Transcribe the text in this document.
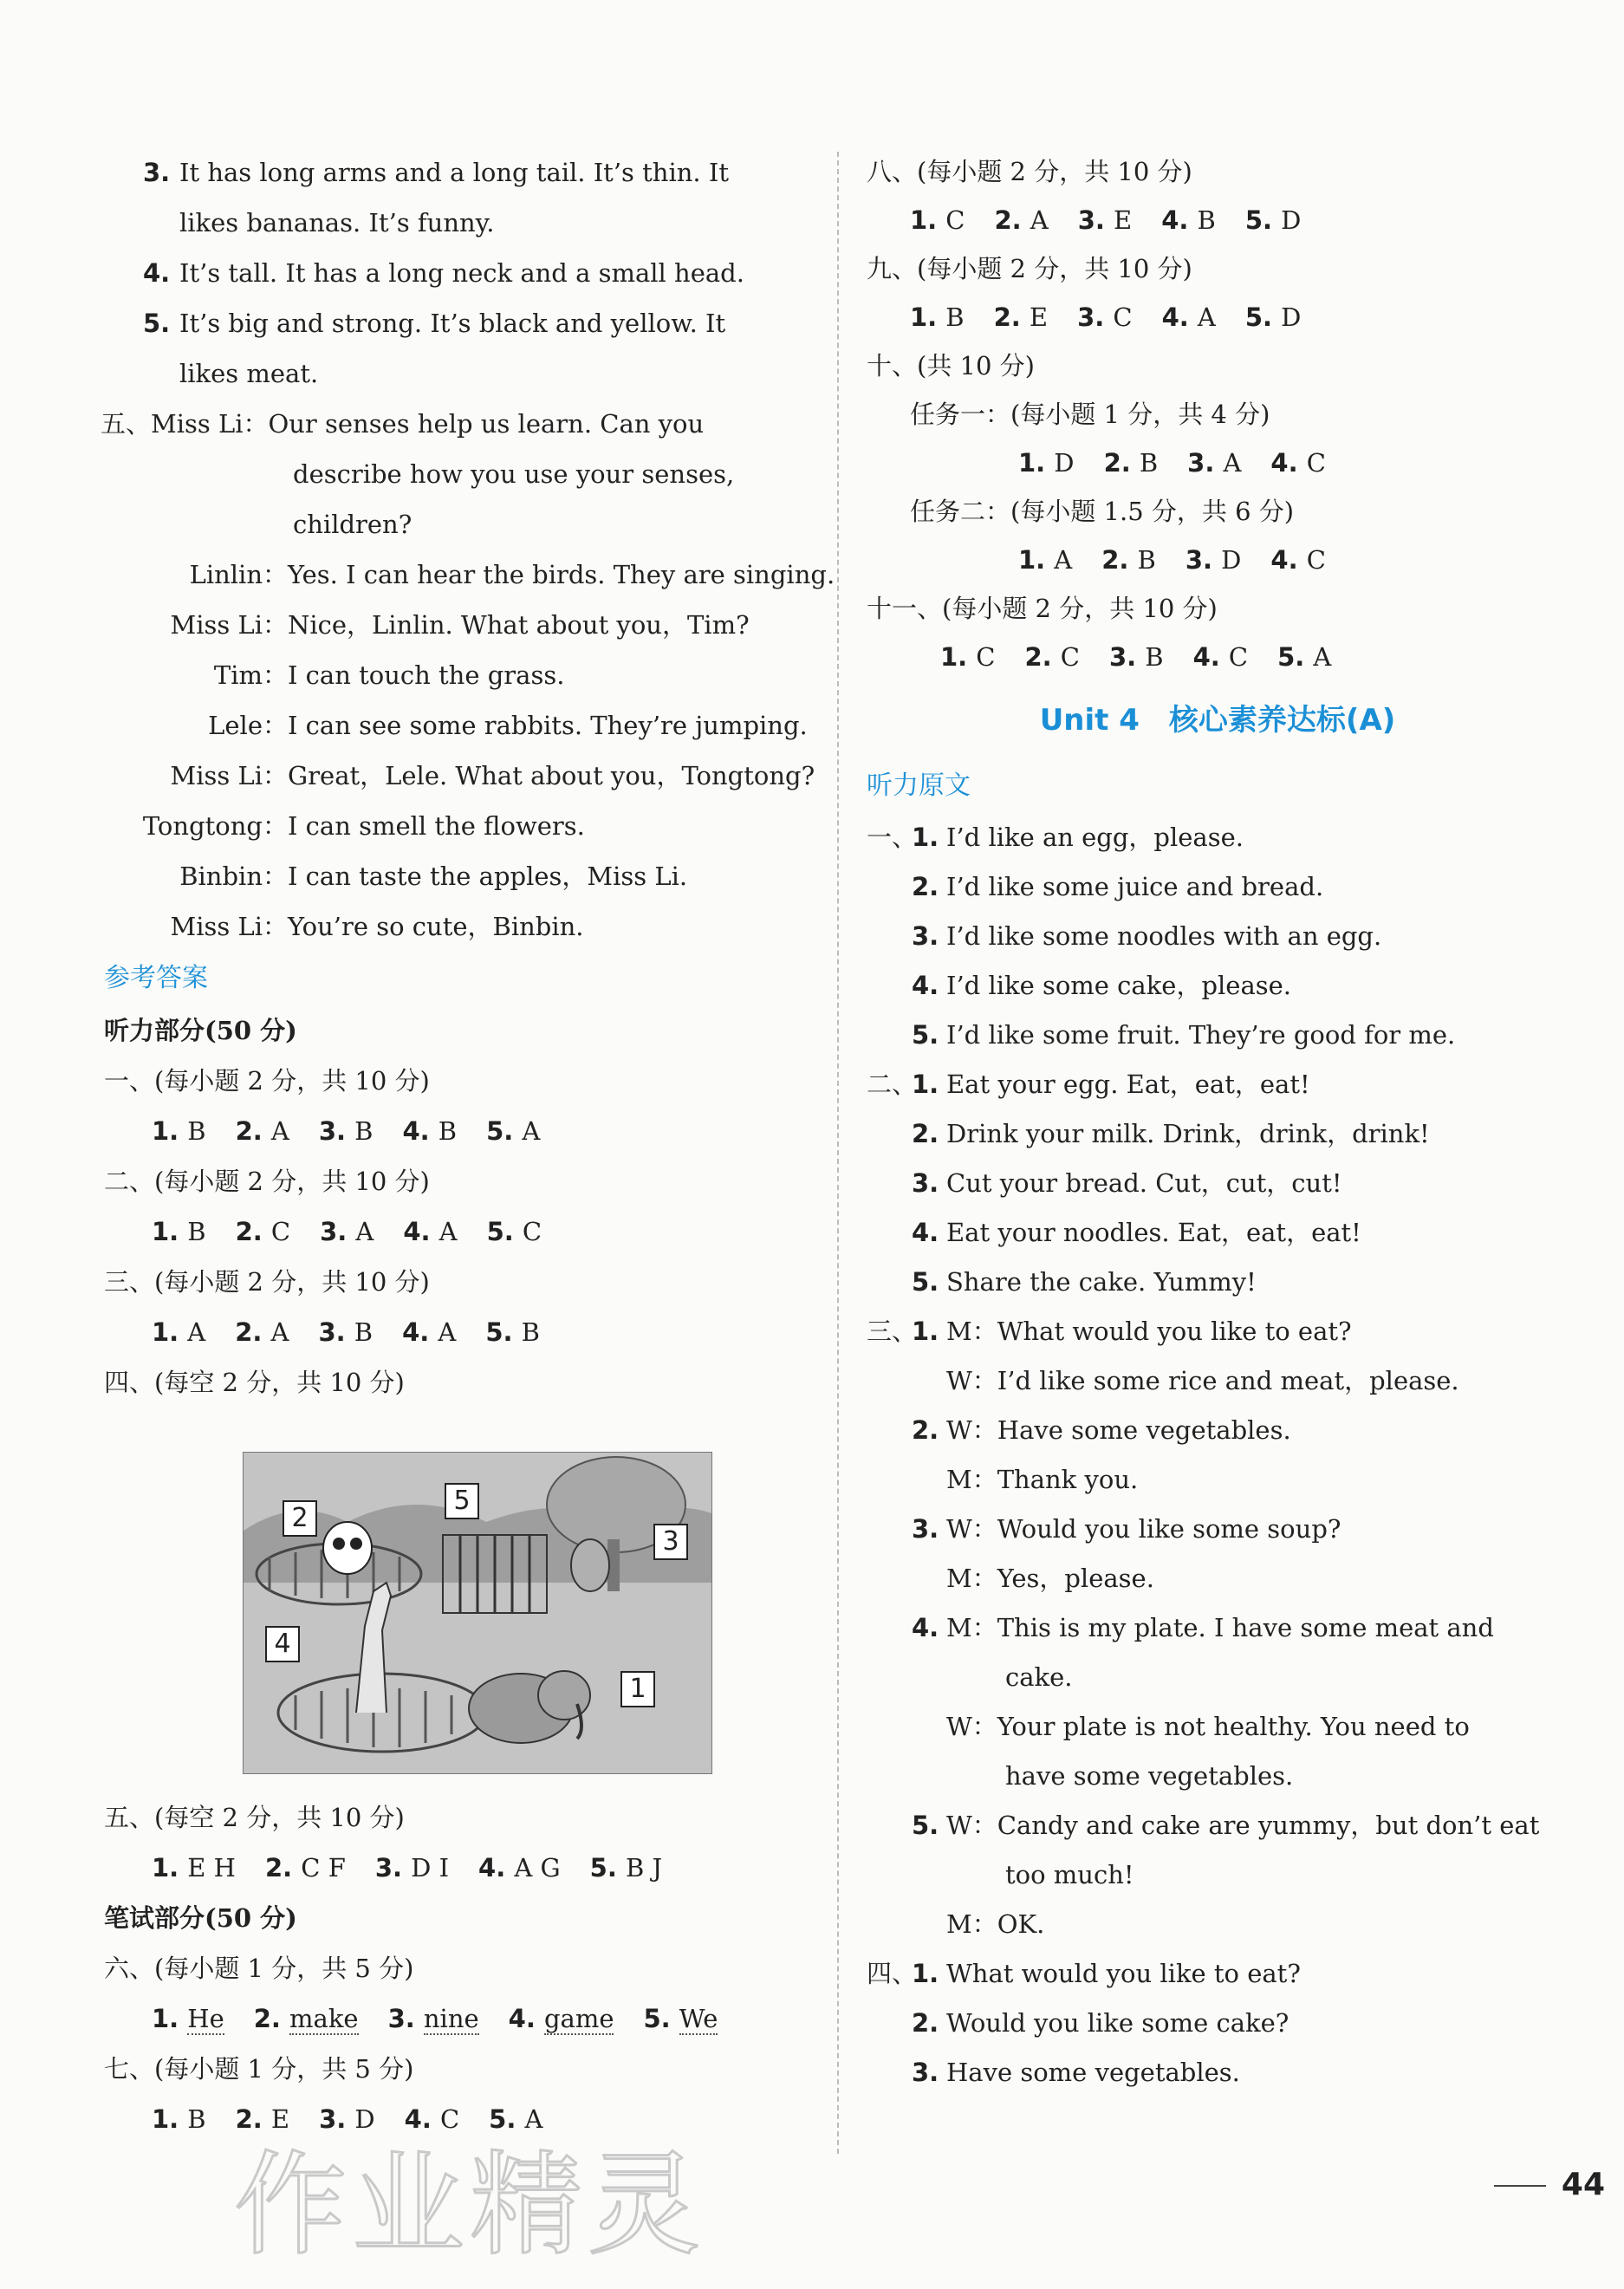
3. It has long arms and a long tail. It’s thin. It
likes bananas. It’s funny.
4. It’s tall. It has a long neck and a small head.
5. It’s big and strong. It’s black and yellow. It
likes meat.
五、Miss Li：Our senses help us learn. Can you
describe how you use your senses,
children?
Linlin：Yes. I can hear the birds. They are singing.
Miss Li：Nice，Linlin. What about you，Tim?
Tim：I can touch the grass.
Lele：I can see some rabbits. They’re jumping.
Miss Li：Great，Lele. What about you，Tongtong?
Tongtong：I can smell the flowers.
Binbin：I can taste the apples，Miss Li.
Miss Li：You’re so cute，Binbin.
参考答案
听力部分(50 分)
一、(每小题 2 分，共 10 分)
1. B 2. A 3. B 4. B 5. A
二、(每小题 2 分，共 10 分)
1. B 2. C 3. A 4. A 5. C
三、(每小题 2 分，共 10 分)
1. A 2. A 3. B 4. A 5. B
四、(每空 2 分，共 10 分)
2
5
3
4
1
五、(每空 2 分，共 10 分)
1. E H 2. C F 3. D I 4. A G 5. B J
笔试部分(50 分)
六、(每小题 1 分，共 5 分)
1. He 2. make 3. nine 4. game 5. We
七、(每小题 1 分，共 5 分)
1. B 2. E 3. D 4. C 5. A
八、(每小题 2 分，共 10 分)
1. C 2. A 3. E 4. B 5. D
九、(每小题 2 分，共 10 分)
1. B 2. E 3. C 4. A 5. D
十、(共 10 分)
任务一：(每小题 1 分，共 4 分)
1. D 2. B 3. A 4. C
任务二：(每小题 1.5 分，共 6 分)
1. A 2. B 3. D 4. C
十一、(每小题 2 分，共 10 分)
1. C 2. C 3. B 4. C 5. A
Unit 4　核心素养达标(A)
听力原文
一、1. I’d like an egg，please.
2. I’d like some juice and bread.
3. I’d like some noodles with an egg.
4. I’d like some cake，please.
5. I’d like some fruit. They’re good for me.
二、1. Eat your egg. Eat，eat，eat!
2. Drink your milk. Drink，drink，drink!
3. Cut your bread. Cut，cut，cut!
4. Eat your noodles. Eat，eat，eat!
5. Share the cake. Yummy!
三、1. M：What would you like to eat?
W：I’d like some rice and meat，please.
2. W：Have some vegetables.
M：Thank you.
3. W：Would you like some soup?
M：Yes，please.
4. M：This is my plate. I have some meat and
cake.
W：Your plate is not healthy. You need to
have some vegetables.
5. W：Candy and cake are yummy，but don’t eat
too much!
M：OK.
四、1. What would you like to eat?
2. Would you like some cake?
3. Have some vegetables.
44
作业精灵
